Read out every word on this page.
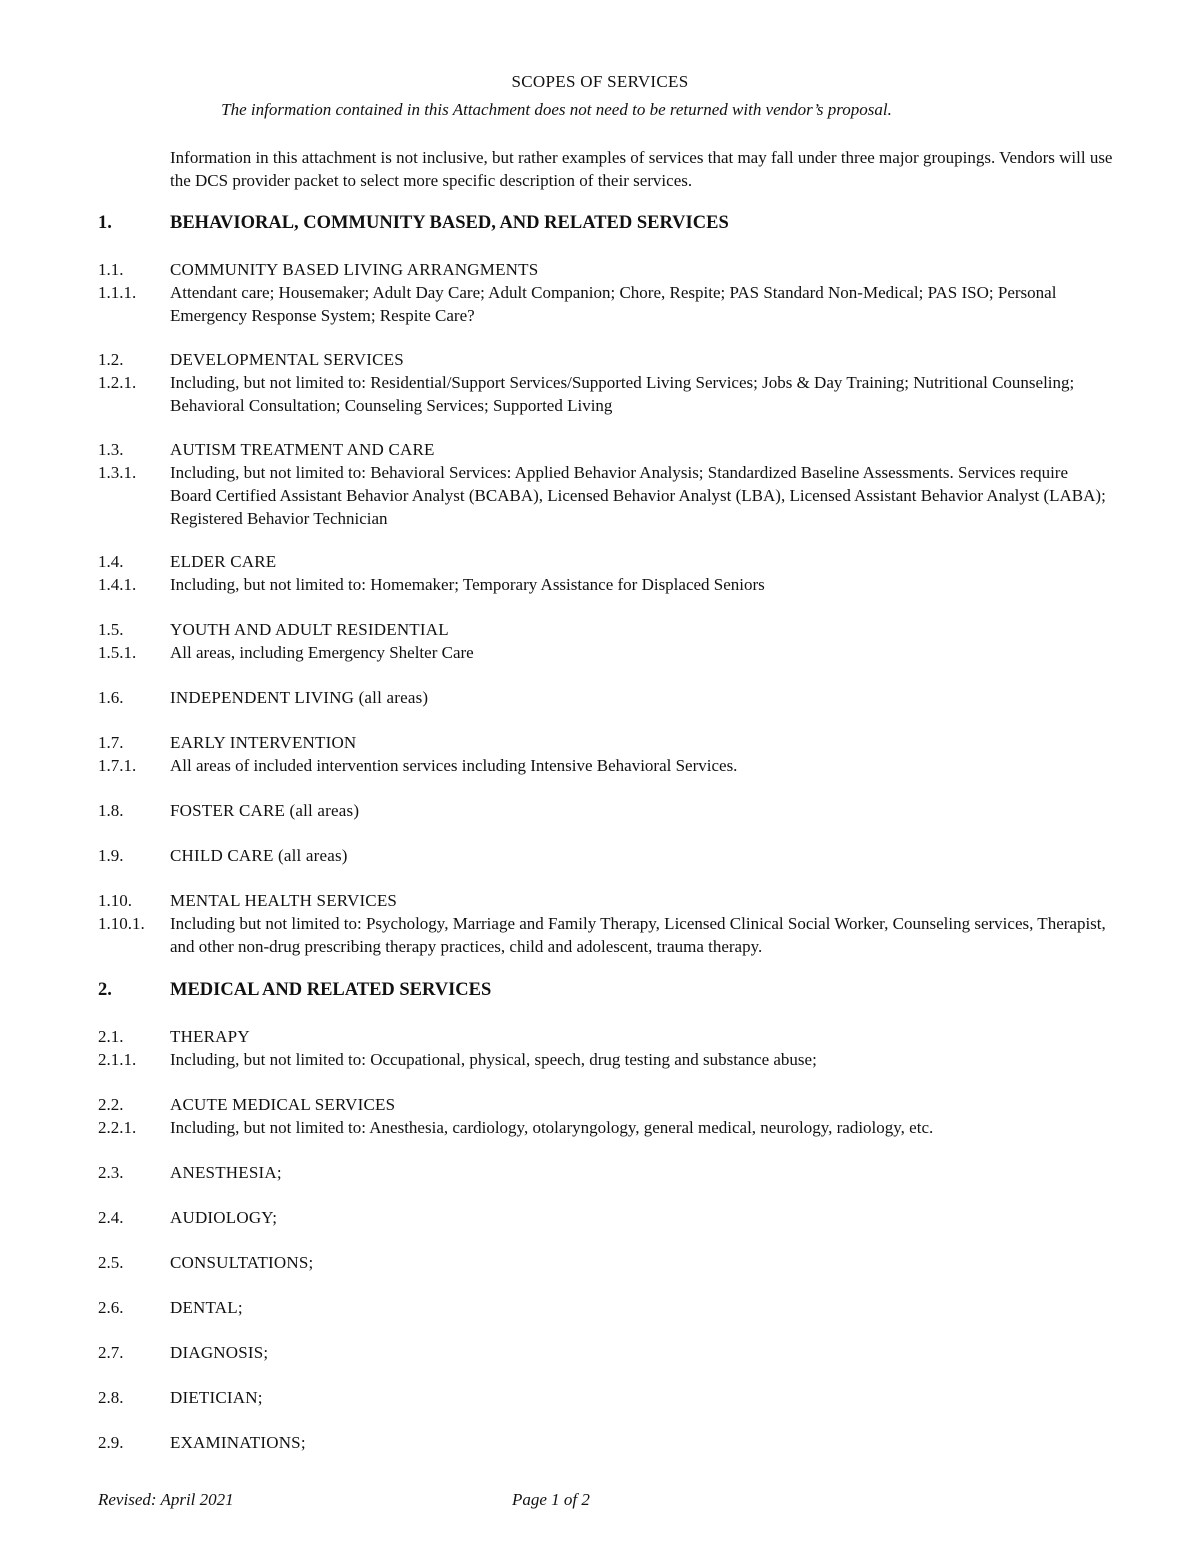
SCOPES OF SERVICES
The information contained in this Attachment does not need to be returned with vendor’s proposal.

Information in this attachment is not inclusive, but rather examples of services that may fall under three major groupings. Vendors will use the DCS provider packet to select more specific description of their services.

1.	BEHAVIORAL, COMMUNITY BASED, AND RELATED SERVICES
1.1.	COMMUNITY BASED LIVING ARRANGMENTS
1.1.1. Attendant care; Housemaker; Adult Day Care; Adult Companion; Chore, Respite; PAS Standard Non-Medical; PAS ISO; Personal Emergency Response System; Respite Care?
1.2.	DEVELOPMENTAL SERVICES
1.2.1. Including, but not limited to: Residential/Support Services/Supported Living Services; Jobs & Day Training; Nutritional Counseling; Behavioral Consultation; Counseling Services; Supported Living
1.3.	AUTISM TREATMENT AND CARE
1.3.1. Including, but not limited to: Behavioral Services: Applied Behavior Analysis; Standardized Baseline Assessments. Services require Board Certified Assistant Behavior Analyst (BCABA), Licensed Behavior Analyst (LBA), Licensed Assistant Behavior Analyst (LABA); Registered Behavior Technician
1.4.	ELDER CARE
1.4.1. Including, but not limited to: Homemaker; Temporary Assistance for Displaced Seniors
1.5.	YOUTH AND ADULT RESIDENTIAL
1.5.1. All areas, including Emergency Shelter Care
1.6.	INDEPENDENT LIVING (all areas)
1.7.	EARLY INTERVENTION
1.7.1. All areas of included intervention services including Intensive Behavioral Services.
1.8.	FOSTER CARE (all areas)
1.9.	CHILD CARE (all areas)
1.10. MENTAL HEALTH SERVICES
1.10.1. Including but not limited to: Psychology, Marriage and Family Therapy, Licensed Clinical Social Worker, Counseling services, Therapist, and other non-drug prescribing therapy practices, child and adolescent, trauma therapy.
2.	MEDICAL AND RELATED SERVICES
2.1.	THERAPY
2.1.1. Including, but not limited to: Occupational, physical, speech, drug testing and substance abuse;
2.2.	ACUTE MEDICAL SERVICES
2.2.1. Including, but not limited to: Anesthesia, cardiology, otolaryngology, general medical, neurology, radiology, etc.
2.3.	ANESTHESIA;
2.4.	AUDIOLOGY;
2.5.	CONSULTATIONS;
2.6.	DENTAL;
2.7.	DIAGNOSIS;
2.8.	DIETICIAN;
2.9.	EXAMINATIONS;
Revised: April 2021	Page 1 of 2
